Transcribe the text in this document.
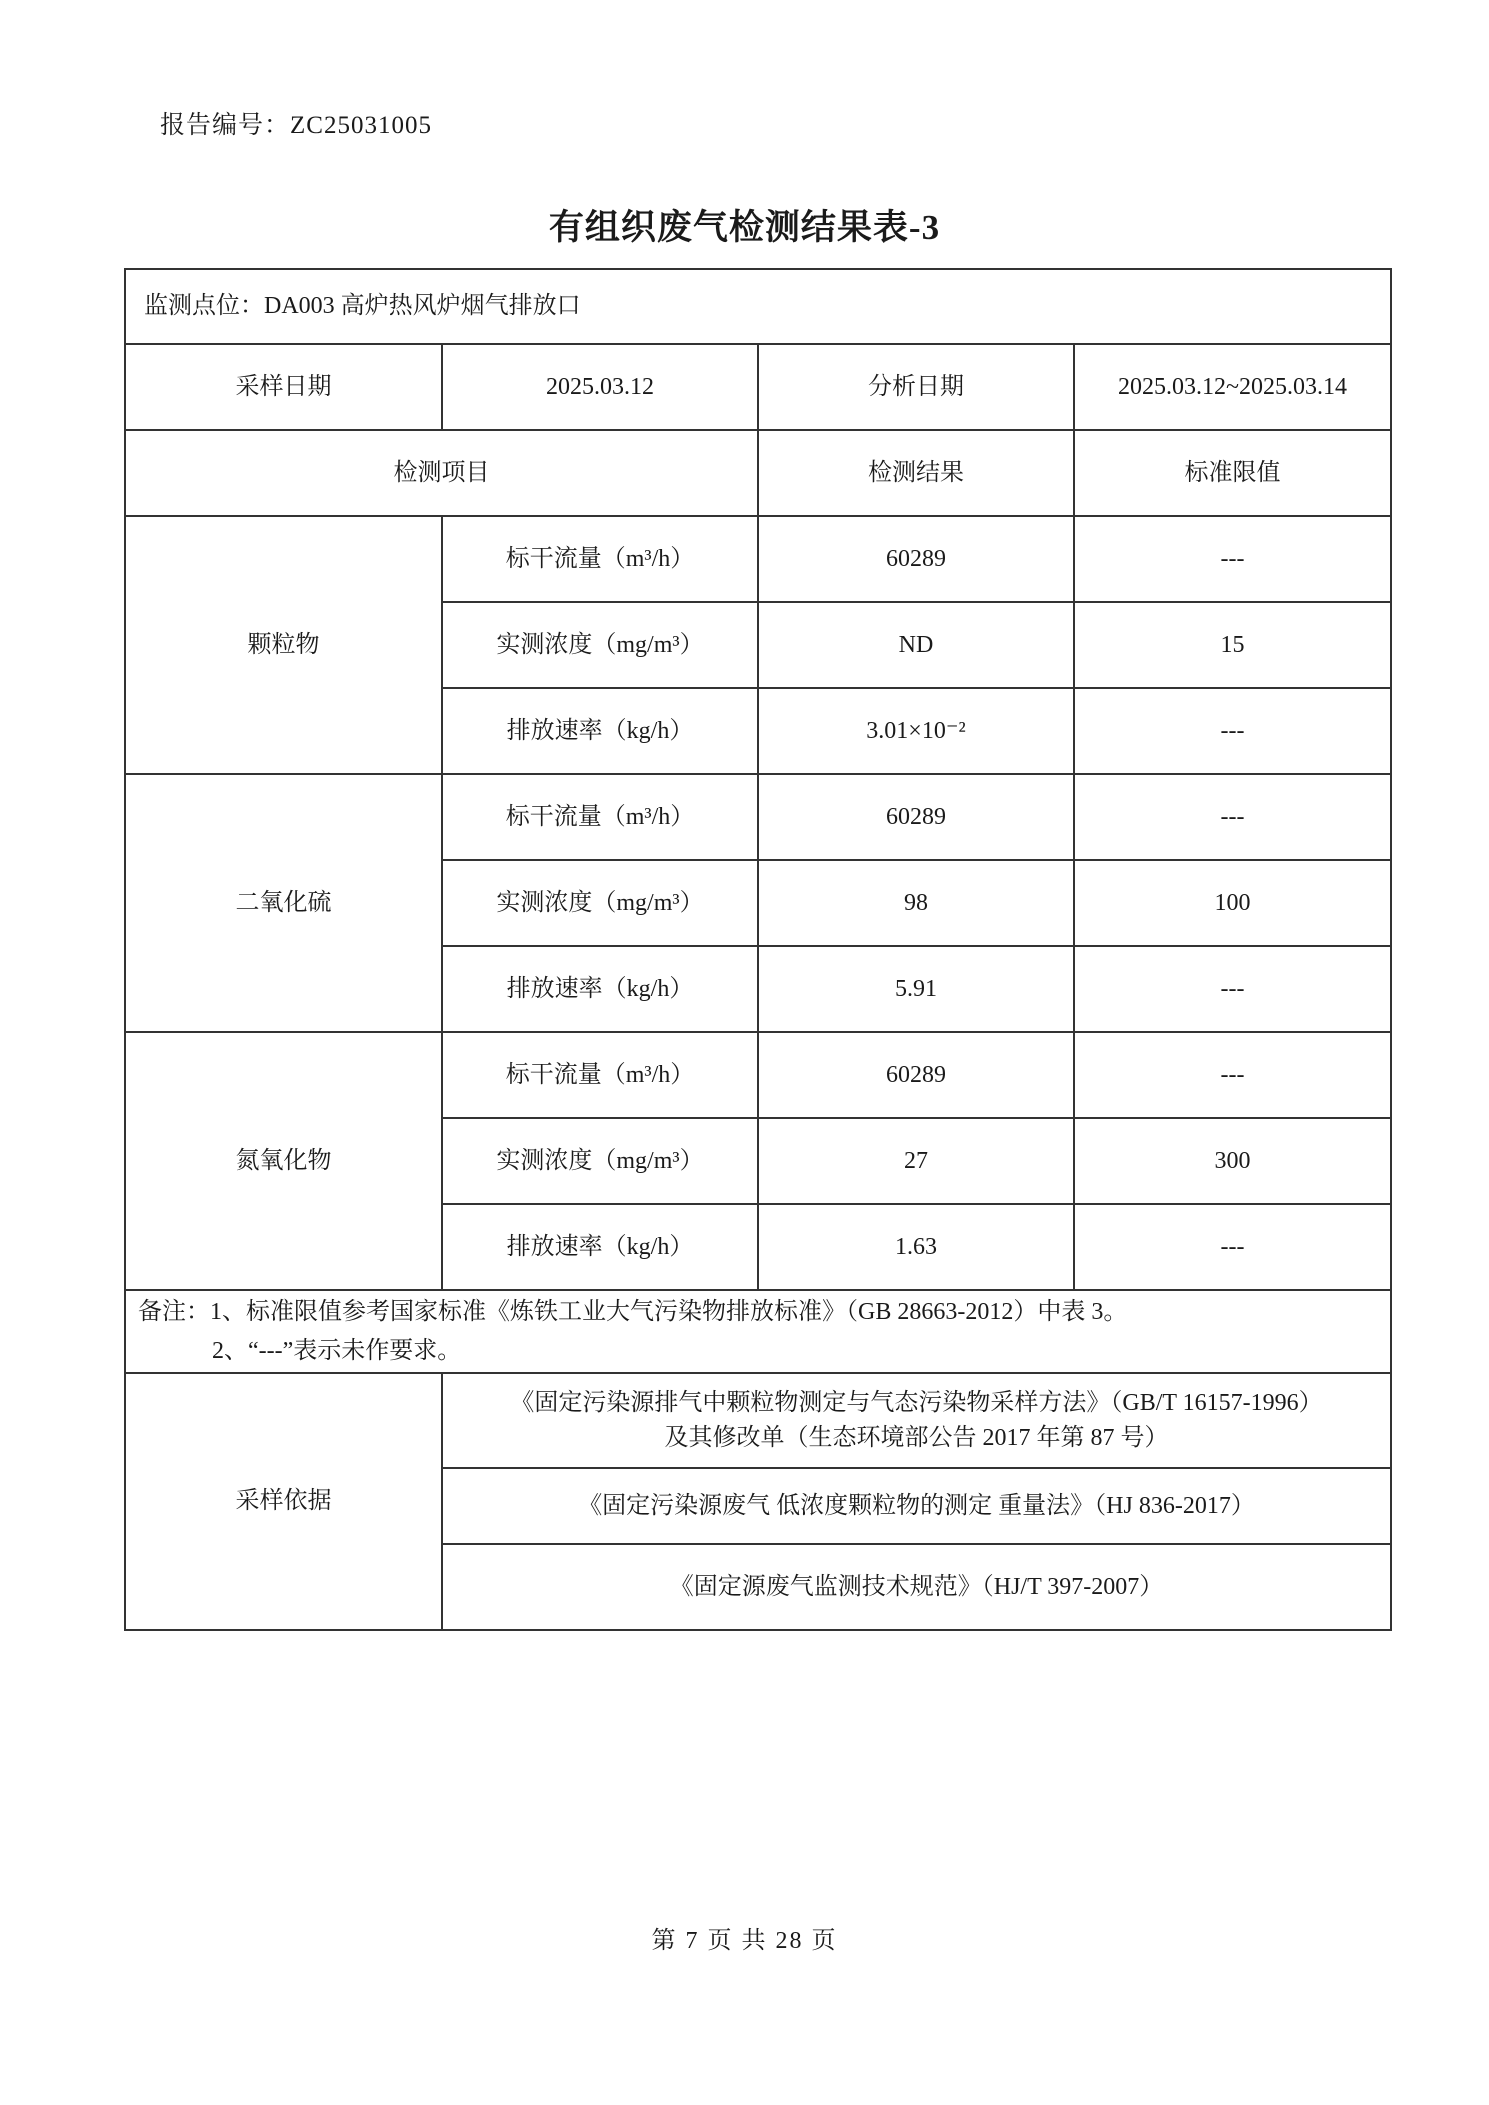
报告编号：ZC25031005
有组织废气检测结果表-3
监测点位：DA003 高炉热风炉烟气排放口			
采样日期	2025.03.12	分析日期	2025.03.12~2025.03.14
检测项目		检测结果	标准限值
颗粒物	标干流量（m³/h）	60289	---
	实测浓度（mg/m³）	ND	15
	排放速率（kg/h）	3.01×10⁻²	---
二氧化硫	标干流量（m³/h）	60289	---
	实测浓度（mg/m³）	98	100
	排放速率（kg/h）	5.91	---
氮氧化物	标干流量（m³/h）	60289	---
	实测浓度（mg/m³）	27	300
	排放速率（kg/h）	1.63	---

备注：1、标准限值参考国家标准《炼铁工业大气污染物排放标准》（GB 28663-2012）中表 3。
2、“---”表示未作要求。			

采样依据	《固定污染源排气中颗粒物测定与气态污染物采样方法》（GB/T 16157-1996）
及其修改单（生态环境部公告 2017 年第 87 号）		

	《固定污染源废气 低浓度颗粒物的测定 重量法》（HJ 836-2017）		
	《固定源废气监测技术规范》（HJ/T 397-2007）		
第 7 页 共 28 页
